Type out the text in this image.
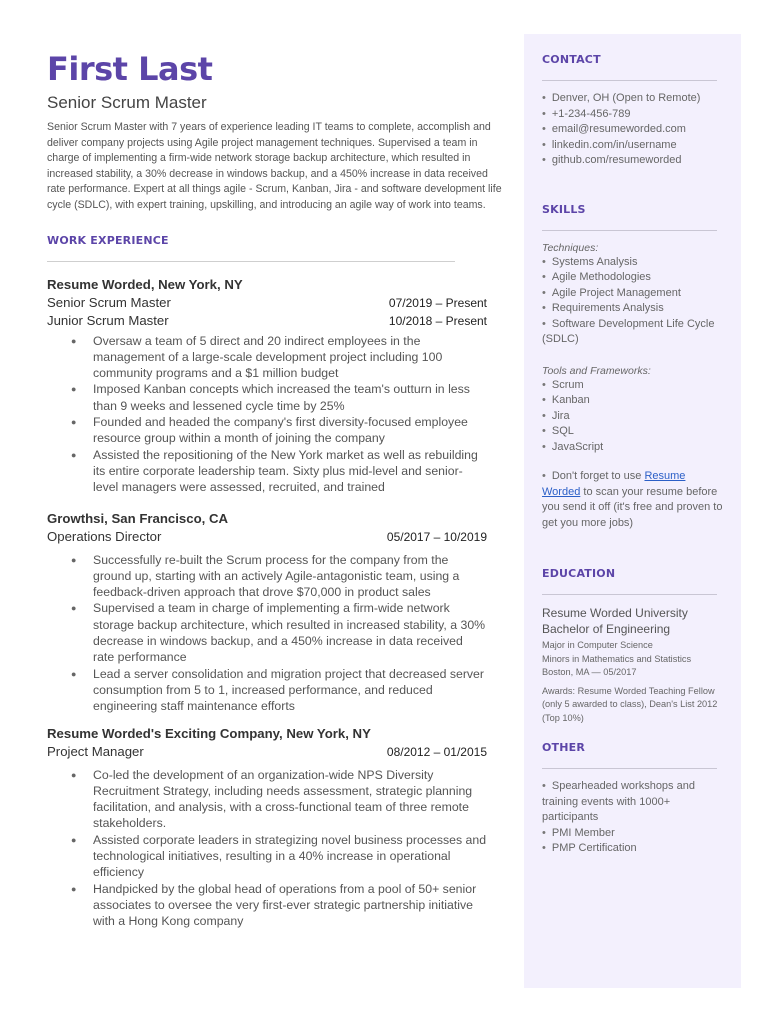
First Last
Senior Scrum Master

Senior Scrum Master with 7 years of experience leading IT teams to complete, accomplish and deliver company projects using Agile project management techniques. Supervised a team in charge of implementing a firm-wide network storage backup architecture, which resulted in increased stability, a 30% decrease in windows backup, and a 450% increase in data received rate performance. Expert at all things agile - Scrum, Kanban, Jira - and software development life cycle (SDLC), with expert training, upskilling, and introducing an agile way of work into teams.

WORK EXPERIENCE
Resume Worded, New York, NY
Senior Scrum Master	07/2019 – Present
Junior Scrum Master	10/2018 – Present
● Oversaw a team of 5 direct and 20 indirect employees in the management of a large-scale development project including 100 community programs and a $1 million budget
● Imposed Kanban concepts which increased the team's outturn in less than 9 weeks and lessened cycle time by 25%
● Founded and headed the company's first diversity-focused employee resource group within a month of joining the company
● Assisted the repositioning of the New York market as well as rebuilding its entire corporate leadership team. Sixty plus mid-level and senior-level managers were assessed, recruited, and trained
Growthsi, San Francisco, CA
Operations Director	05/2017 – 10/2019
● Successfully re-built the Scrum process for the company from the ground up, starting with an actively Agile-antagonistic team, using a feedback-driven approach that drove $70,000 in product sales
● Supervised a team in charge of implementing a firm-wide network storage backup architecture, which resulted in increased stability, a 30% decrease in windows backup, and a 450% increase in data received rate performance
● Lead a server consolidation and migration project that decreased server consumption from 5 to 1, increased performance, and reduced engineering staff maintenance efforts
Resume Worded's Exciting Company, New York, NY
Project Manager	08/2012 – 01/2015
● Co-led the development of an organization-wide NPS Diversity Recruitment Strategy, including needs assessment, strategic planning facilitation, and analysis, with a cross-functional team of three remote stakeholders.
● Assisted corporate leaders in strategizing novel business processes and technological initiatives, resulting in a 40% increase in operational efficiency
● Handpicked by the global head of operations from a pool of 50+ senior associates to oversee the very first-ever strategic partnership initiative with a Hong Kong company
CONTACT
• Denver, OH (Open to Remote)
• +1-234-456-789
• email@resumeworded.com
• linkedin.com/in/username
• github.com/resumeworded
SKILLS
Techniques:
• Systems Analysis
• Agile Methodologies
• Agile Project Management
• Requirements Analysis
• Software Development Life Cycle (SDLC)
Tools and Frameworks:
• Scrum
• Kanban
• Jira
• SQL
• JavaScript
• Don't forget to use Resume Worded to scan your resume before you send it off (it's free and proven to get you more jobs)
EDUCATION
Resume Worded University
Bachelor of Engineering
Major in Computer Science
Minors in Mathematics and Statistics
Boston, MA — 05/2017
Awards: Resume Worded Teaching Fellow (only 5 awarded to class), Dean's List 2012 (Top 10%)
OTHER
• Spearheaded workshops and training events with 1000+ participants
• PMI Member
• PMP Certification
